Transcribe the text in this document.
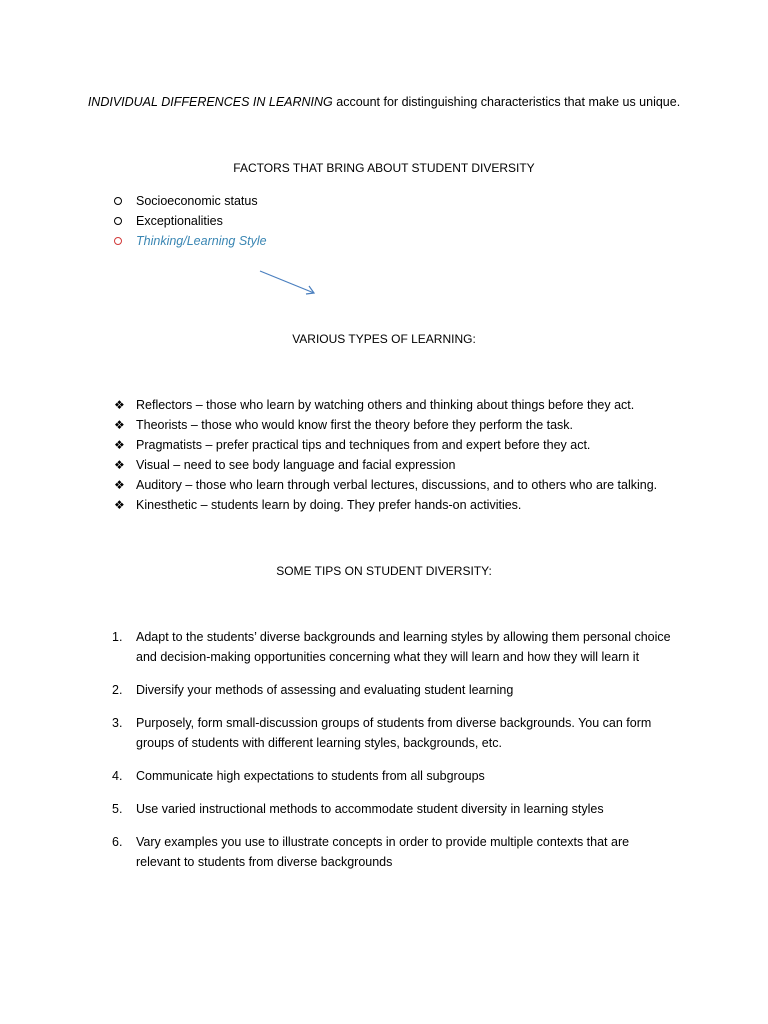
INDIVIDUAL DIFFERENCES IN LEARNING account for distinguishing characteristics that make us unique.
FACTORS THAT BRING ABOUT STUDENT DIVERSITY
Socioeconomic status
Exceptionalities
Thinking/Learning Style
VARIOUS TYPES OF LEARNING:
❖ Reflectors – those who learn by watching others and thinking about things before they act.
❖ Theorists – those who would know first the theory before they perform the task.
❖ Pragmatists – prefer practical tips and techniques from and expert before they act.
❖ Visual – need to see body language and facial expression
❖ Auditory – those who learn through verbal lectures, discussions, and to others who are talking.
❖ Kinesthetic – students learn by doing. They prefer hands-on activities.
SOME TIPS ON STUDENT DIVERSITY:
1. Adapt to the students’ diverse backgrounds and learning styles by allowing them personal choice and decision-making opportunities concerning what they will learn and how they will learn it
2. Diversify your methods of assessing and evaluating student learning
3. Purposely, form small-discussion groups of students from diverse backgrounds. You can form groups of students with different learning styles, backgrounds, etc.
4. Communicate high expectations to students from all subgroups
5. Use varied instructional methods to accommodate student diversity in learning styles
6. Vary examples you use to illustrate concepts in order to provide multiple contexts that are relevant to students from diverse backgrounds
